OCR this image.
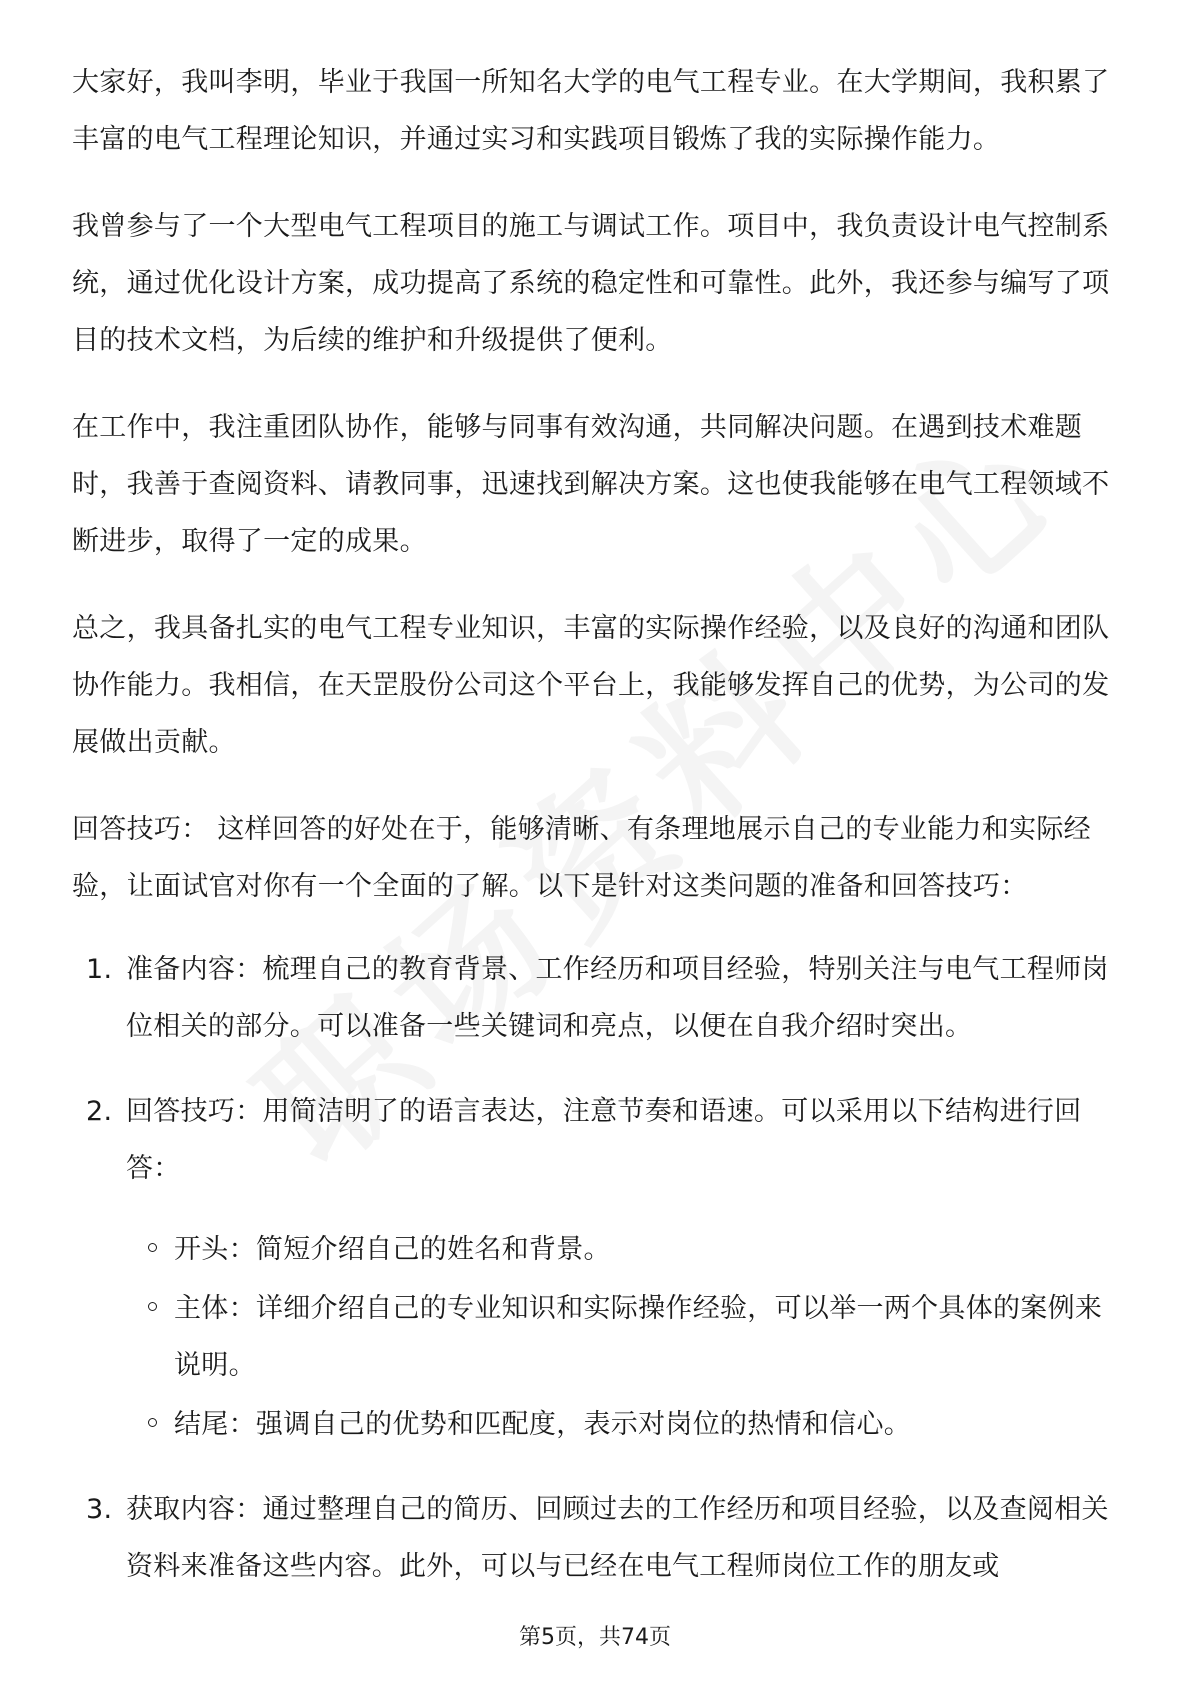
大家好，我叫李明，毕业于我国一所知名大学的电气工程专业。在大学期间，我积累了丰富的电气工程理论知识，并通过实习和实践项目锻炼了我的实际操作能力。

我曾参与了一个大型电气工程项目的施工与调试工作。项目中，我负责设计电气控制系统，通过优化设计方案，成功提高了系统的稳定性和可靠性。此外，我还参与编写了项目的技术文档，为后续的维护和升级提供了便利。

在工作中，我注重团队协作，能够与同事有效沟通，共同解决问题。在遇到技术难题时，我善于查阅资料、请教同事，迅速找到解决方案。这也使我能够在电气工程领域不断进步，取得了一定的成果。

总之，我具备扎实的电气工程专业知识，丰富的实际操作经验，以及良好的沟通和团队协作能力。我相信，在天罡股份公司这个平台上，我能够发挥自己的优势，为公司的发展做出贡献。

回答技巧： 这样回答的好处在于，能够清晰、有条理地展示自己的专业能力和实际经验，让面试官对你有一个全面的了解。以下是针对这类问题的准备和回答技巧：

1. 准备内容：梳理自己的教育背景、工作经历和项目经验，特别关注与电气工程师岗位相关的部分。可以准备一些关键词和亮点，以便在自我介绍时突出。
2. 回答技巧：用简洁明了的语言表达，注意节奏和语速。可以采用以下结构进行回答：
开头：简短介绍自己的姓名和背景。
主体：详细介绍自己的专业知识和实际操作经验，可以举一两个具体的案例来说明。
结尾：强调自己的优势和匹配度，表示对岗位的热情和信心。
3. 获取内容：通过整理自己的简历、回顾过去的工作经历和项目经验，以及查阅相关资料来准备这些内容。此外，可以与已经在电气工程师岗位工作的朋友或
第5页，共74页
